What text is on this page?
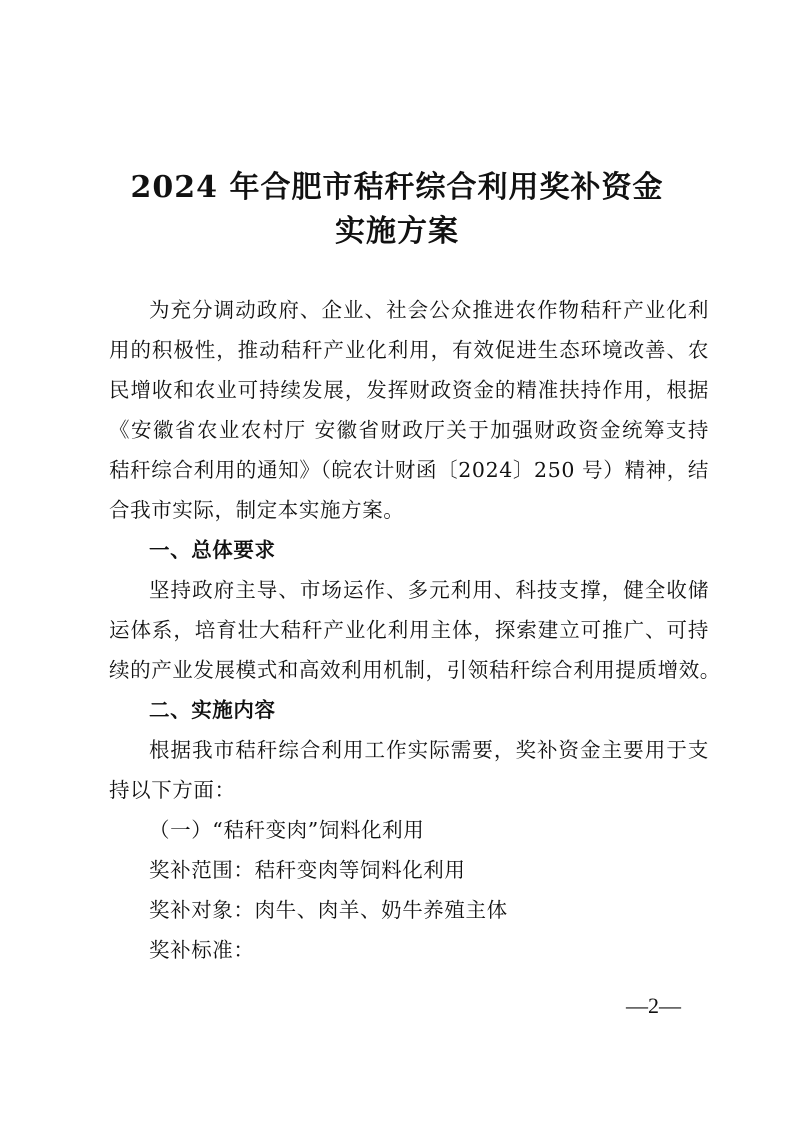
2024 年合肥市秸秆综合利用奖补资金
实施方案
为充分调动政府、企业、社会公众推进农作物秸秆产业化利
用的积极性，推动秸秆产业化利用，有效促进生态环境改善、农
民增收和农业可持续发展，发挥财政资金的精准扶持作用，根据
《安徽省农业农村厅 安徽省财政厅关于加强财政资金统筹支持
秸秆综合利用的通知》（皖农计财函〔2024〕250 号）精神，结
合我市实际，制定本实施方案。
一、总体要求
坚持政府主导、市场运作、多元利用、科技支撑，健全收储
运体系，培育壮大秸秆产业化利用主体，探索建立可推广、可持
续的产业发展模式和高效利用机制，引领秸秆综合利用提质增效。
二、实施内容
根据我市秸秆综合利用工作实际需要，奖补资金主要用于支
持以下方面：
（一）“秸秆变肉”饲料化利用
奖补范围：秸秆变肉等饲料化利用
奖补对象：肉牛、肉羊、奶牛养殖主体
奖补标准：
—2—
